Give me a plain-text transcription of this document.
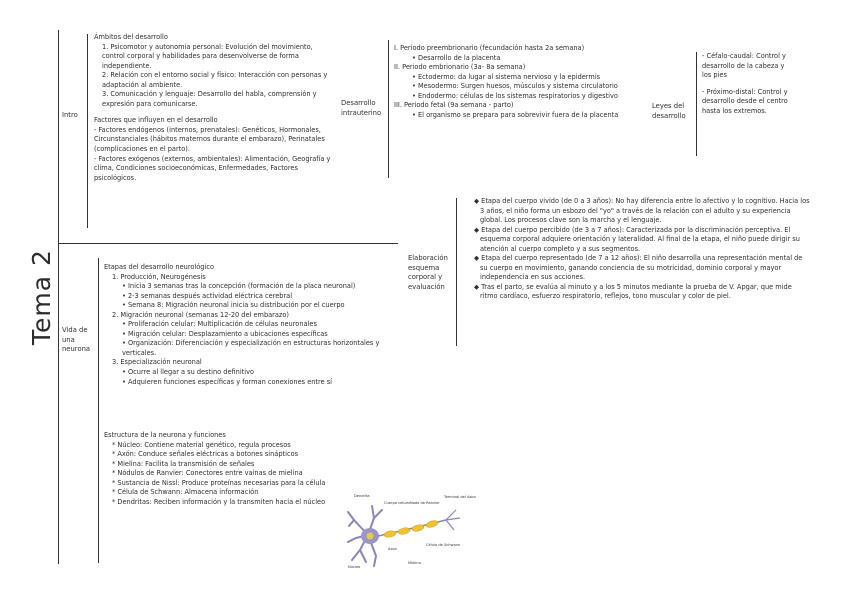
Tema 2
Intro

Ámbitos del desarrollo

1. Psicomotor y autonomía personal: Evolución del movimiento, control corporal y habilidades para desenvolverse de forma independiente.

2. Relación con el entorno social y físico: Interacción con personas y adaptación al ambiente.

3. Comunicación y lenguaje: Desarrollo del habla, comprensión y expresión para comunicarse.

Factores que influyen en el desarrollo

- Factores endógenos (internos, prenatales): Genéticos, Hormonales, Circunstanciales (hábitos maternos durante el embarazo), Perinatales (complicaciones en el parto).

- Factores exógenos (externos, ambientales): Alimentación, Geografía y clima, Condiciones socioeconómicas, Enfermedades, Factores psicológicos.

Desarrollo intrauterino

I. Periodo preembrionario (fecundación hasta 2a semana)

• Desarrollo de la placenta

II. Periodo embrionario (3a- 8a semana)

• Ectodermo: da lugar al sistema nervioso y la epidermis

• Mesodermo: Surgen huesos, músculos y sistema circulatorio

• Endodermo: células de los sistemas respiratorios y digestivo

III. Periodo fetal (9a semana - parto)

• El organismo se prepara para sobrevivir fuera de la placenta

Leyes del desarrollo

- Céfalo-caudal: Control y desarrollo de la cabeza y los pies

- Próximo-distal: Control y desarrollo desde el centro hasta los extremos.

Elaboración esquema corporal y evaluación

◆ Etapa del cuerpo vivido (de 0 a 3 años): No hay diferencia entre lo afectivo y lo cognitivo. Hacia los 3 años, el niño forma un esbozo del "yo" a través de la relación con el adulto y su experiencia global. Los procesos clave son la marcha y el lenguaje.

◆ Etapa del cuerpo percibido (de 3 a 7 años): Caracterizada por la discriminación perceptiva. El esquema corporal adquiere orientación y lateralidad. Al final de la etapa, el niño puede dirigir su atención al cuerpo completo y a sus segmentos.

◆ Etapa del cuerpo representado (de 7 a 12 años): El niño desarrolla una representación mental de su cuerpo en movimiento, ganando conciencia de su motricidad, dominio corporal y mayor independencia en sus acciones.

◆ Tras el parto, se evalúa al minuto y a los 5 minutos mediante la prueba de V. Apgar, que mide ritmo cardíaco, esfuerzo respiratorio, reflejos, tono muscular y color de piel.

Vida de una neurona

Etapas del desarrollo neurológico

1. Producción, Neurogénesis

• Inicia 3 semanas tras la concepción (formación de la placa neuronal)

• 2-3 semanas después actividad eléctrica cerebral

• Semana 8: Migración neuronal inicia su distribución por el cuerpo

2. Migración neuronal (semanas 12-20 del embarazo)

• Proliferación celular: Multiplicación de células neuronales

• Migración celular: Desplazamiento a ubicaciones específicas

• Organización: Diferenciación y especialización en estructuras horizontales y verticales.

3. Especialización neuronal

• Ocurre al llegar a su destino definitivo

• Adquieren funciones específicas y forman conexiones entre sí

Estructura de la neurona y funciones

* Núcleo: Contiene material genético, regula procesos

* Axón: Conduce señales eléctricas a botones sinápticos

* Mielina: Facilita la transmisión de señales

* Nódulos de Ranvier: Conectores entre vainas de mielina

* Sustancia de Nissl: Produce proteínas necesarias para la célula

* Célula de Schwann: Almacena información

* Dendritas: Reciben información y la transmiten hacia el núcleo

Dendrita
Cuerpo celular Nodo de Ranvier
Terminal del Axon
Núcleo
Axon
Mielina
Célula de Schwann
